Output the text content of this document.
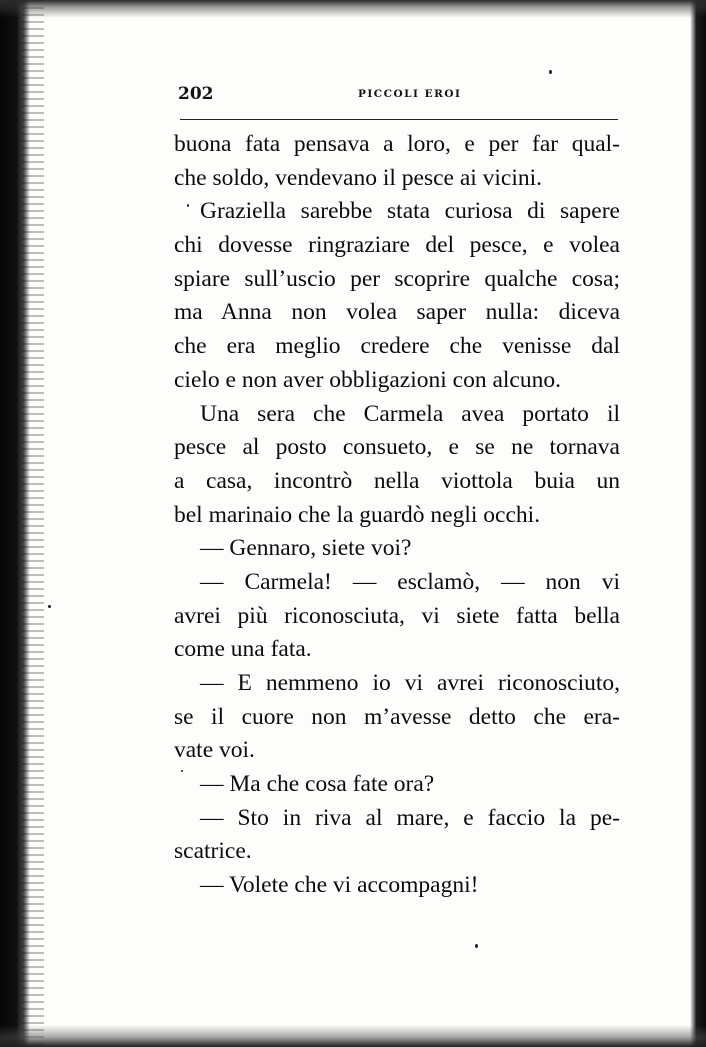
202	PICCOLI EROI
buona fata pensava a loro, e per far qual-
che soldo, vendevano il pesce ai vicini.
Graziella sarebbe stata curiosa di sapere
chi dovesse ringraziare del pesce, e volea
spiare sull’uscio per scoprire qualche cosa;
ma Anna non volea saper nulla: diceva
che era meglio credere che venisse dal
cielo e non aver obbligazioni con alcuno.
Una sera che Carmela avea portato il
pesce al posto consueto, e se ne tornava
a casa, incontrò nella viottola buia un
bel marinaio che la guardò negli occhi.
— Gennaro, siete voi?
— Carmela! — esclamò, — non vi
avrei più riconosciuta, vi siete fatta bella
come una fata.
— E nemmeno io vi avrei riconosciuto,
se il cuore non m’avesse detto che era-
vate voi.
— Ma che cosa fate ora?
— Sto in riva al mare, e faccio la pe-
scatrice.
— Volete che vi accompagni!
